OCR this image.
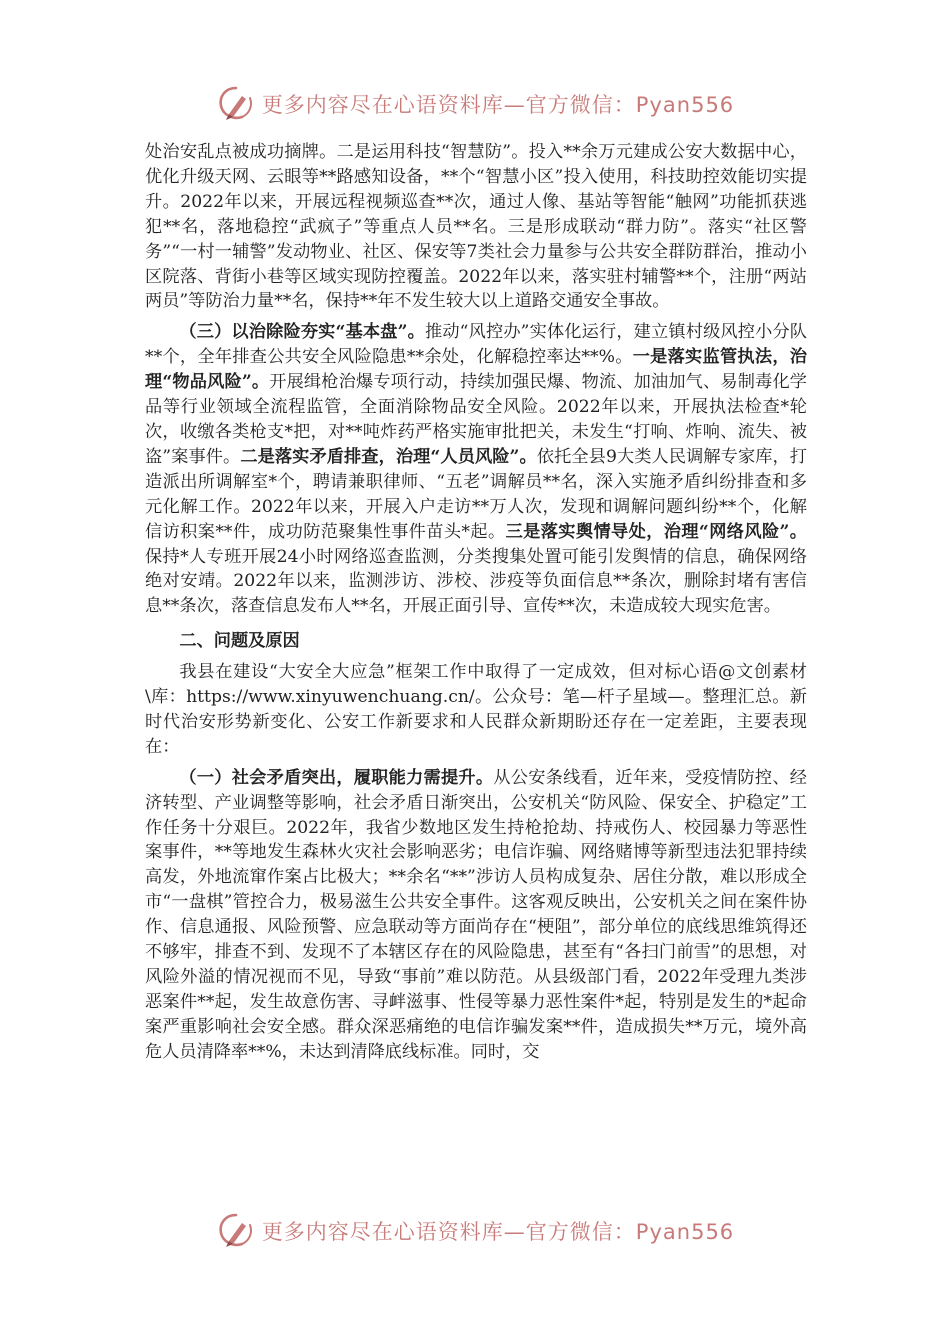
更多内容尽在心语资料库—官方微信：Pyan556

处治安乱点被成功摘牌。二是运用科技“智慧防”。投入**余万元建成公安大数据中心，优化升级天网、云眼等**路感知设备，**个“智慧小区”投入使用，科技助控效能切实提升。2022年以来，开展远程视频巡查**次，通过人像、基站等智能“触网”功能抓获逃犯**名，落地稳控“武疯子”等重点人员**名。三是形成联动“群力防”。落实“社区警务”“一村一辅警”发动物业、社区、保安等7类社会力量参与公共安全群防群治，推动小区院落、背街小巷等区域实现防控覆盖。2022年以来，落实驻村辅警**个，注册“两站两员”等防治力量**名，保持**年不发生较大以上道路交通安全事故。

（三）以治除险夯实“基本盘”。推动“风控办”实体化运行，建立镇村级风控小分队**个，全年排查公共安全风险隐患**余处，化解稳控率达**%。一是落实监管执法，治理“物品风险”。开展缉枪治爆专项行动，持续加强民爆、物流、加油加气、易制毒化学品等行业领域全流程监管，全面消除物品安全风险。2022年以来，开展执法检查*轮次，收缴各类枪支*把，对**吨炸药严格实施审批把关，未发生“打响、炸响、流失、被盗”案事件。二是落实矛盾排查，治理“人员风险”。依托全县9大类人民调解专家库，打造派出所调解室*个，聘请兼职律师、“五老”调解员**名，深入实施矛盾纠纷排查和多元化解工作。2022年以来，开展入户走访**万人次，发现和调解问题纠纷**个，化解信访积案**件，成功防范聚集性事件苗头*起。三是落实舆情导处，治理“网络风险”。保持*人专班开展24小时网络巡查监测，分类搜集处置可能引发舆情的信息，确保网络绝对安靖。2022年以来，监测涉访、涉校、涉疫等负面信息**条次，删除封堵有害信息**条次，落查信息发布人**名，开展正面引导、宣传**次，未造成较大现实危害。

二、问题及原因

我县在建设“大安全大应急”框架工作中取得了一定成效，但对标心语@文创素材\库：https://www.xinyuwenchuang.cn/。公众号：笔—杆子星域—。整理汇总。新时代治安形势新变化、公安工作新要求和人民群众新期盼还存在一定差距，主要表现在：

（一）社会矛盾突出，履职能力需提升。从公安条线看，近年来，受疫情防控、经济转型、产业调整等影响，社会矛盾日渐突出，公安机关“防风险、保安全、护稳定”工作任务十分艰巨。2022年，我省少数地区发生持枪抢劫、持戒伤人、校园暴力等恶性案事件，**等地发生森林火灾社会影响恶劣；电信诈骗、网络赌博等新型违法犯罪持续高发，外地流窜作案占比极大；**余名“**”涉访人员构成复杂、居住分散，难以形成全市“一盘棋”管控合力，极易滋生公共安全事件。这客观反映出，公安机关之间在案件协作、信息通报、风险预警、应急联动等方面尚存在“梗阻”，部分单位的底线思维筑得还不够牢，排查不到、发现不了本辖区存在的风险隐患，甚至有“各扫门前雪”的思想，对风险外溢的情况视而不见，导致“事前”难以防范。从县级部门看，2022年受理九类涉恶案件**起，发生故意伤害、寻衅滋事、性侵等暴力恶性案件*起，特别是发生的*起命案严重影响社会安全感。群众深恶痛绝的电信诈骗发案**件，造成损失**万元，境外高危人员清降率**%，未达到清降底线标准。同时，交

更多内容尽在心语资料库—官方微信：Pyan556
